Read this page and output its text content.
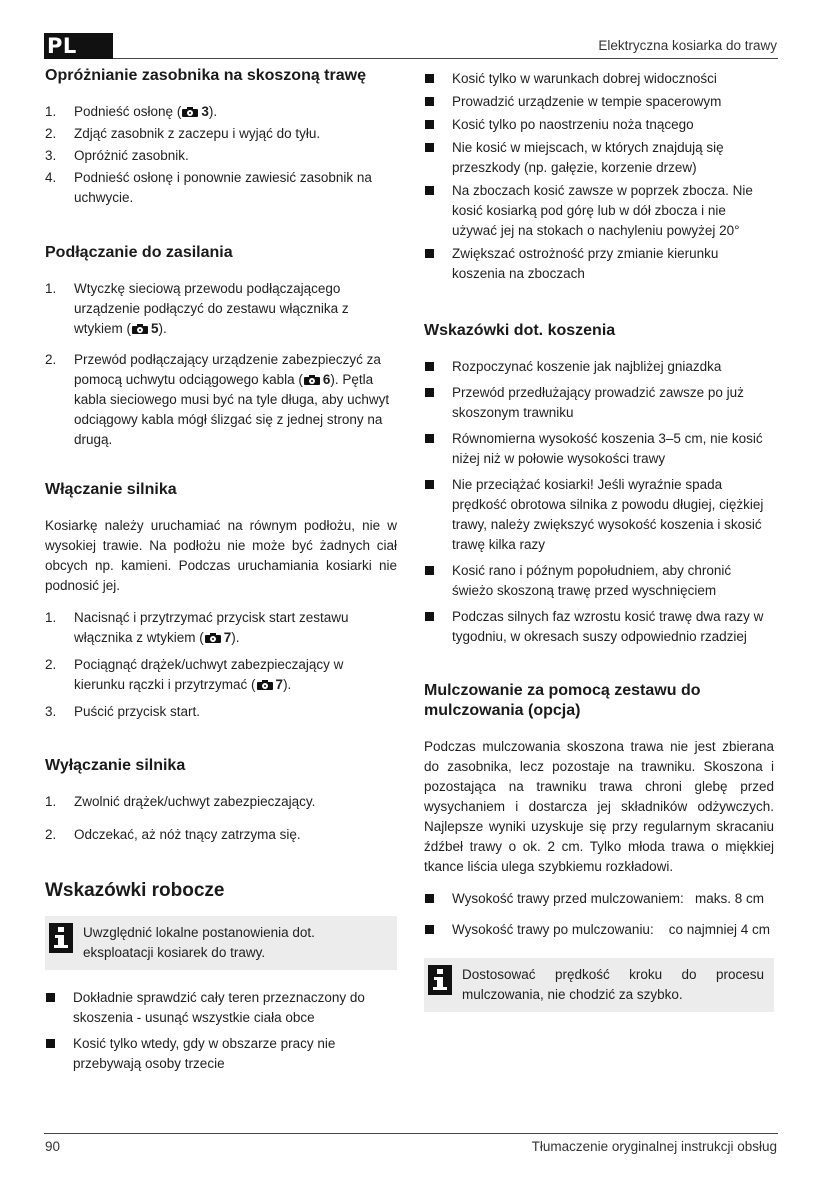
PL	Elektryczna kosiarka do trawy
Opróżnianie zasobnika na skoszoną trawę
1. Podnieść osłonę ( 3).
2. Zdjąć zasobnik z zaczepu i wyjąć do tyłu.
3. Opróżnić zasobnik.
4. Podnieść osłonę i ponownie zawiesić zasobnik na uchwycie.
Podłączanie do zasilania
1. Wtyczkę sieciową przewodu podłączającego urządzenie podłączyć do zestawu włącznika z wtykiem ( 5).
2. Przewód podłączający urządzenie zabezpieczyć za pomocą uchwytu odciągowego kabla ( 6). Pętla kabla sieciowego musi być na tyle długa, aby uchwyt odciągowy kabla mógł ślizgać się z jednej strony na drugą.
Włączanie silnika

Kosiarkę należy uruchamiać na równym podłożu, nie w wysokiej trawie. Na podłożu nie może być żadnych ciał obcych np. kamieni. Podczas uruchamiania kosiarki nie podnosić jej.

1. Nacisnąć i przytrzymać przycisk start zestawu włącznika z wtykiem ( 7).
2. Pociągnąć drążek/uchwyt zabezpieczający w kierunku rączki i przytrzymać ( 7).
3. Puścić przycisk start.
Wyłączanie silnika
1. Zwolnić drążek/uchwyt zabezpieczający.
2. Odczekać, aż nóż tnący zatrzyma się.
Wskazówki robocze
Uwzględnić lokalne postanowienia dot. eksploatacji kosiarek do trawy.
Dokładnie sprawdzić cały teren przeznaczony do skoszenia - usunąć wszystkie ciała obce
Kosić tylko wtedy, gdy w obszarze pracy nie przebywają osoby trzecie
Kosić tylko w warunkach dobrej widoczności
Prowadzić urządzenie w tempie spacerowym
Kosić tylko po naostrzeniu noża tnącego
Nie kosić w miejscach, w których znajdują się przeszkody (np. gałęzie, korzenie drzew)
Na zboczach kosić zawsze w poprzek zbocza. Nie kosić kosiarką pod górę lub w dół zbocza i nie używać jej na stokach o nachyleniu powyżej 20°
Zwiększać ostrożność przy zmianie kierunku koszenia na zboczach
Wskazówki dot. koszenia
Rozpoczynać koszenie jak najbliżej gniazdka
Przewód przedłużający prowadzić zawsze po już skoszonym trawniku
Równomierna wysokość koszenia 3–5 cm, nie kosić niżej niż w połowie wysokości trawy
Nie przeciążać kosiarki! Jeśli wyraźnie spada prędkość obrotowa silnika z powodu długiej, ciężkiej trawy, należy zwiększyć wysokość koszenia i skosić trawę kilka razy
Kosić rano i późnym popołudniem, aby chronić świeżo skoszoną trawę przed wyschnięciem
Podczas silnych faz wzrostu kosić trawę dwa razy w tygodniu, w okresach suszy odpowiednio rzadziej
Mulczowanie za pomocą zestawu do mulczowania (opcja)

Podczas mulczowania skoszona trawa nie jest zbierana do zasobnika, lecz pozostaje na trawniku. Skoszona i pozostająca na trawniku trawa chroni glebę przed wysychaniem i dostarcza jej składników odżywczych. Najlepsze wyniki uzyskuje się przy regularnym skracaniu źdźbeł trawy o ok. 2 cm. Tylko młoda trawa o miękkiej tkance liścia ulega szybkiemu rozkładowi.

Wysokość trawy przed mulczowaniem:   maks. 8 cm
Wysokość trawy po mulczowaniu:    co najmniej 4 cm
Dostosować prędkość kroku do procesu mulczowania, nie chodzić za szybko.
90	Tłumaczenie oryginalnej instrukcji obsług
